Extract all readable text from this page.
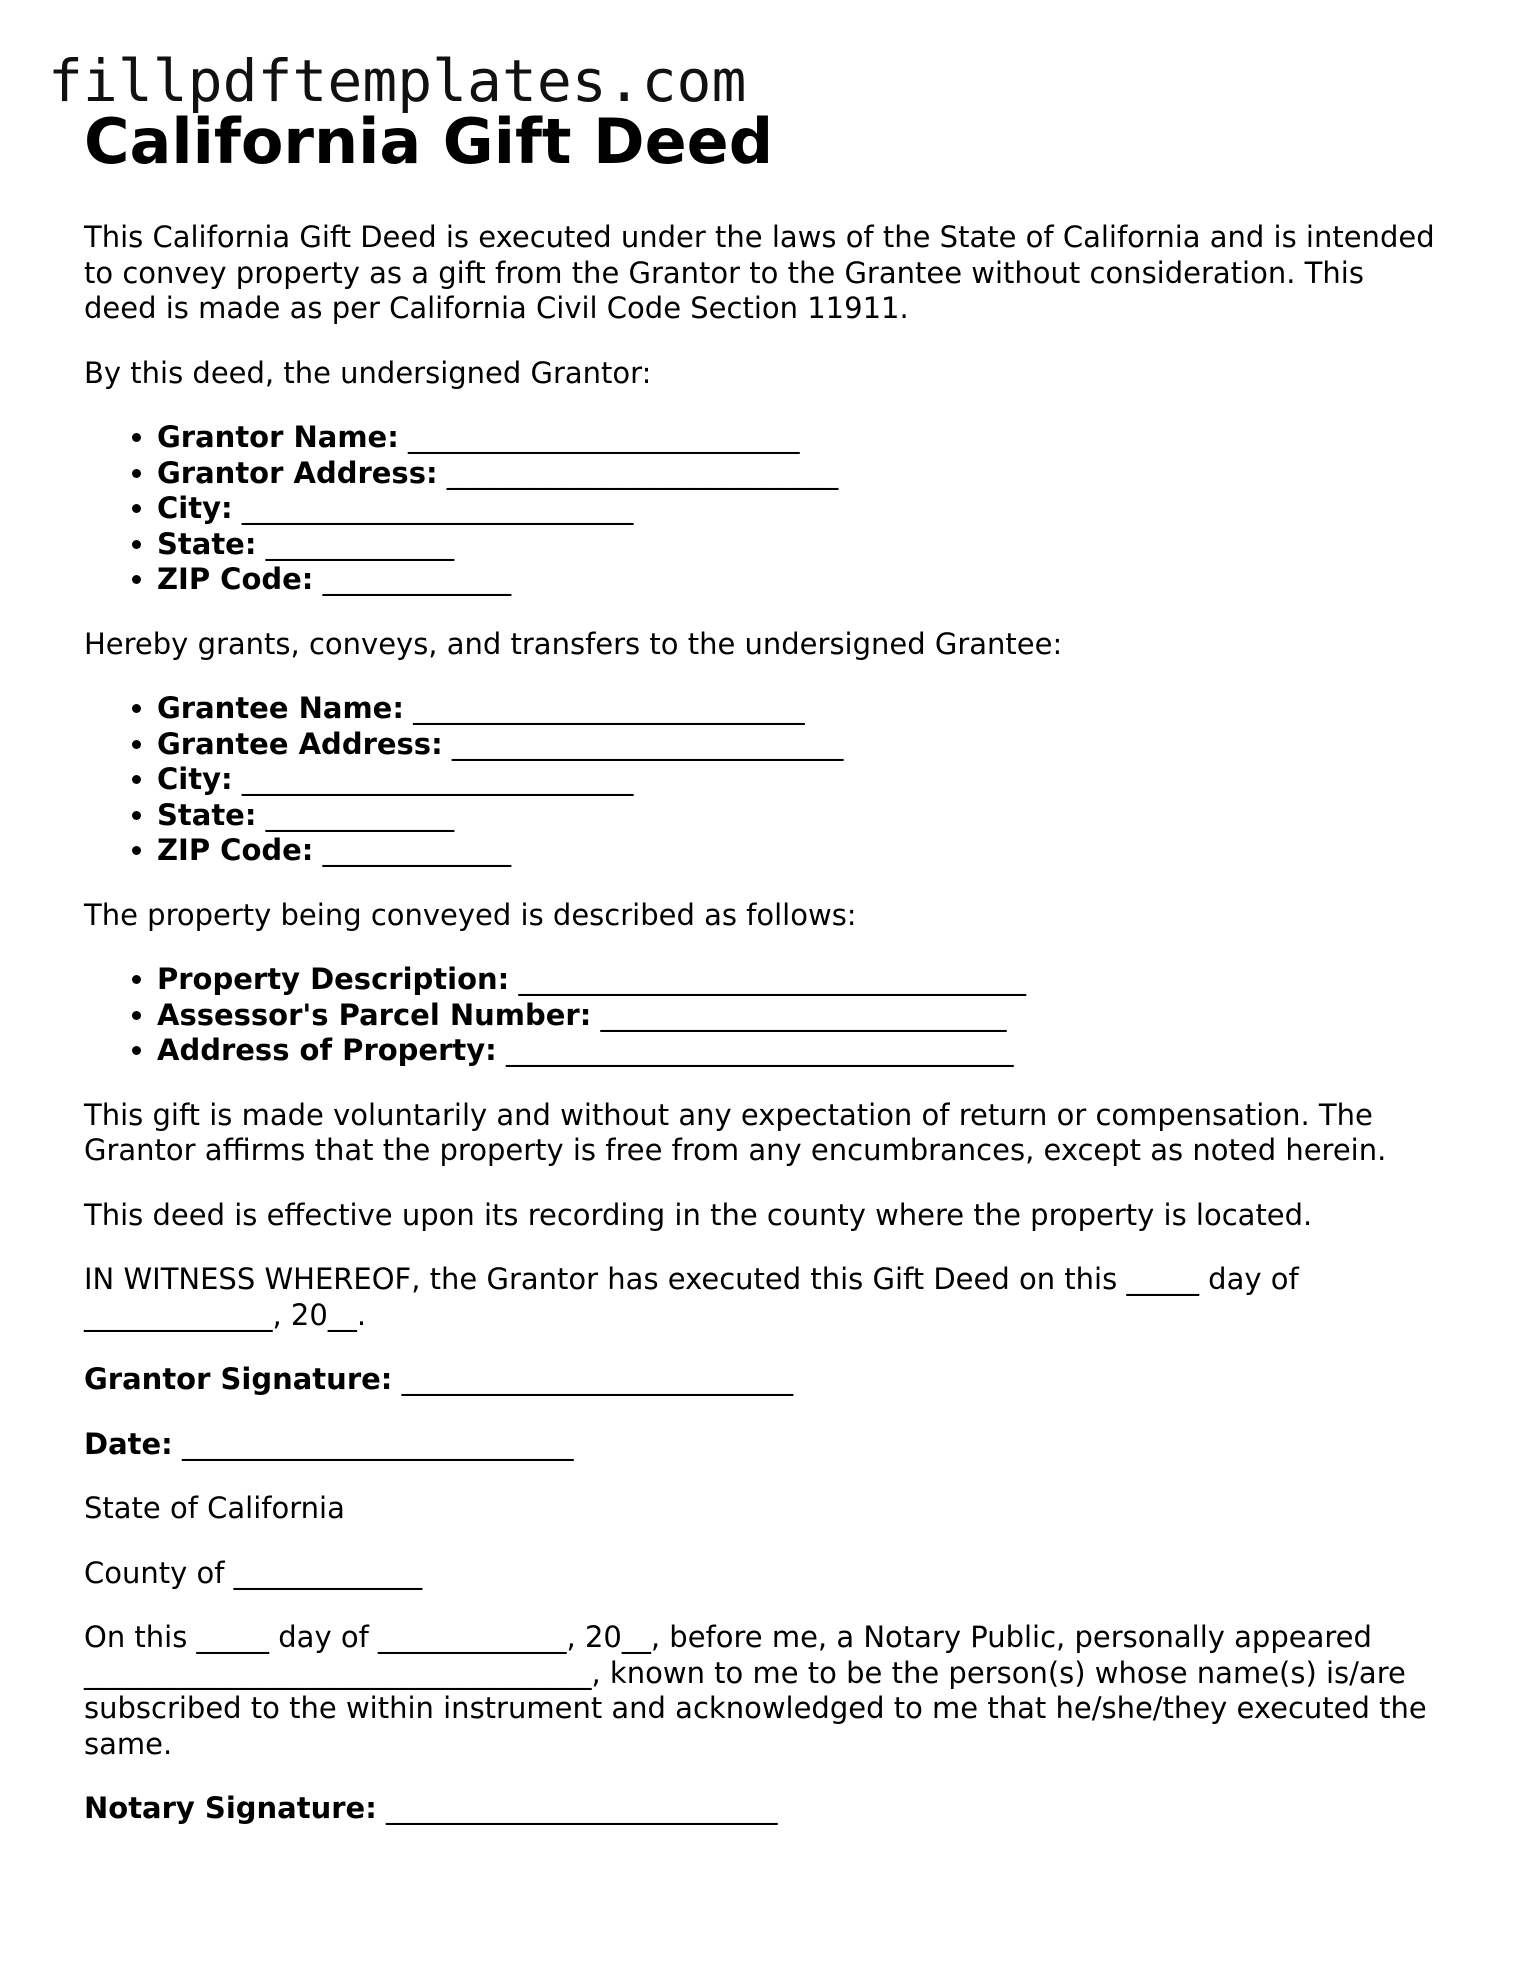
fillpdftemplates.com
California Gift Deed

This California Gift Deed is executed under the laws of the State of California and is intended to convey property as a gift from the Grantor to the Grantee without consideration. This deed is made as per California Civil Code Section 11911.

By this deed, the undersigned Grantor:

• Grantor Name: ___________________________
• Grantor Address: ___________________________
• City: ___________________________
• State: _____________
• ZIP Code: _____________

Hereby grants, conveys, and transfers to the undersigned Grantee:

• Grantee Name: ___________________________
• Grantee Address: ___________________________
• City: ___________________________
• State: _____________
• ZIP Code: _____________

The property being conveyed is described as follows:

• Property Description: ___________________________________
• Assessor's Parcel Number: ____________________________
• Address of Property: ___________________________________

This gift is made voluntarily and without any expectation of return or compensation. The Grantor affirms that the property is free from any encumbrances, except as noted herein.

This deed is effective upon its recording in the county where the property is located.

IN WITNESS WHEREOF, the Grantor has executed this Gift Deed on this _____ day of _____________, 20__.

Grantor Signature: ___________________________

Date: ___________________________

State of California

County of _____________

On this _____ day of _____________, 20__, before me, a Notary Public, personally appeared ___________________________________, known to me to be the person(s) whose name(s) is/are subscribed to the within instrument and acknowledged to me that he/she/they executed the same.

Notary Signature: ___________________________
